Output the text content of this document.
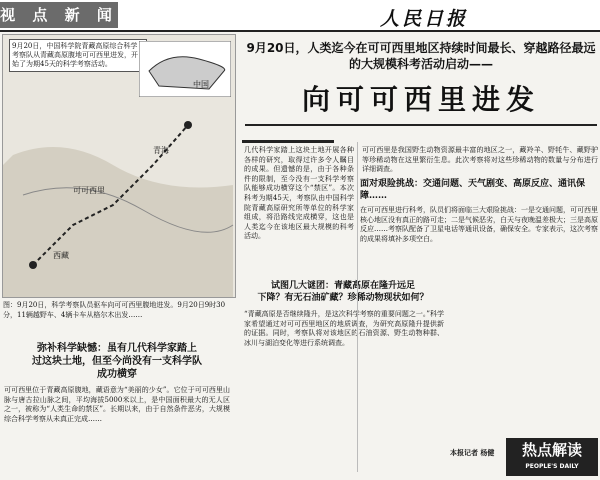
视 点 新 闻	人民日报
9月20日，中国科学院青藏高原综合科学考察队从青藏高原腹地可可西里进发，开始了为期45天的科学考察活动。
中国
青海
可可西里
西藏
图：9月20日，科学考察队员驱车向可可西里腹地进发。9月20日9时30分，11辆越野车、4辆卡车从格尔木出发……
弥补科学缺憾：虽有几代科学家踏上
过这块土地，但至今尚没有一支科学队
成功横穿
可可西里位于青藏高原腹地，藏语意为“美丽的少女”。它位于可可西里山脉与唐古拉山脉之间，平均海拔5000米以上，是中国面积最大的无人区之一，被称为“人类生命的禁区”。长期以来，由于自然条件恶劣，大规模综合科学考察从未真正完成……
9月20日，人类迄今在可可西里地区持续时间最长、穿越路径最远的大规模科考活动启动——
向可可西里进发
几代科学家踏上这块土地开展各种各样的研究，取得过许多令人瞩目的成果。但遗憾的是，由于各种条件的限制，至今没有一支科学考察队能够成功横穿这个“禁区”。本次科考为期45天，考察队由中国科学院青藏高原研究所等单位的科学家组成，将沿路线完成横穿，这也是人类迄今在该地区最大规模的科考活动。
试图几大谜团：青藏高原在隆升远足
下降？有无石油矿藏？珍稀动物现状如何？
“青藏高原是否继续隆升，是这次科学考察的重要问题之一。”科学家希望通过对可可西里地区的地质调查，为研究高原隆升提供新的证据。同时，考察队将对该地区的石油资源、野生动物种群、冰川与湖泊变化等进行系统调查。
可可西里是我国野生动物资源最丰富的地区之一，藏羚羊、野牦牛、藏野驴等珍稀动物在这里繁衍生息。此次考察将对这些珍稀动物的数量与分布进行详细调查。
面对艰险挑战：交通问题、天气剧变、高原反应、通讯保障……
在可可西里进行科考，队员们将面临三大艰险挑战：一是交通问题，可可西里核心地区没有真正的路可走；二是气候恶劣，白天与夜晚温差极大；三是高原反应……考察队配备了卫星电话等通讯设备，确保安全。专家表示，这次考察的成果将填补多项空白。
本报记者 杨健	热点解读
PEOPLE'S DAILY
